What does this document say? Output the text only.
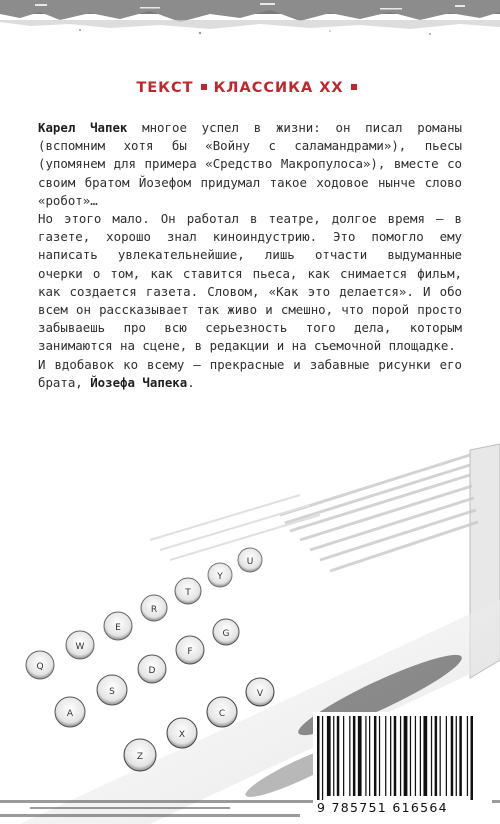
ТЕКСТ КЛАССИКА XX

Карел Чапек многое успел в жизни: он писал романы (вспомним хотя бы «Войну с саламандрами»), пьесы (упомянем для примера «Средство Макропулоса»), вместе со своим братом Йозефом придумал такое ходовое нынче слово «робот»…

Но этого мало. Он работал в театре, долгое время – в газете, хорошо знал киноиндустрию. Это помогло ему написать увлекательнейшие, лишь отчасти выдуманные очерки о том, как ставится пьеса, как снимается фильм, как создается газета. Словом, «Как это делается». И обо всем он рассказывает так живо и смешно, что порой просто забываешь про всю серьезность того дела, которым занимаются на сцене, в редакции и на съемочной площадке.

И вдобавок ко всему – прекрасные и забавные рисунки его брата, Йозефа Чапека.

Q
W
E
R
T
Y
U
A
S
D
F
G
Z
X
C
V
9 785751 616564
